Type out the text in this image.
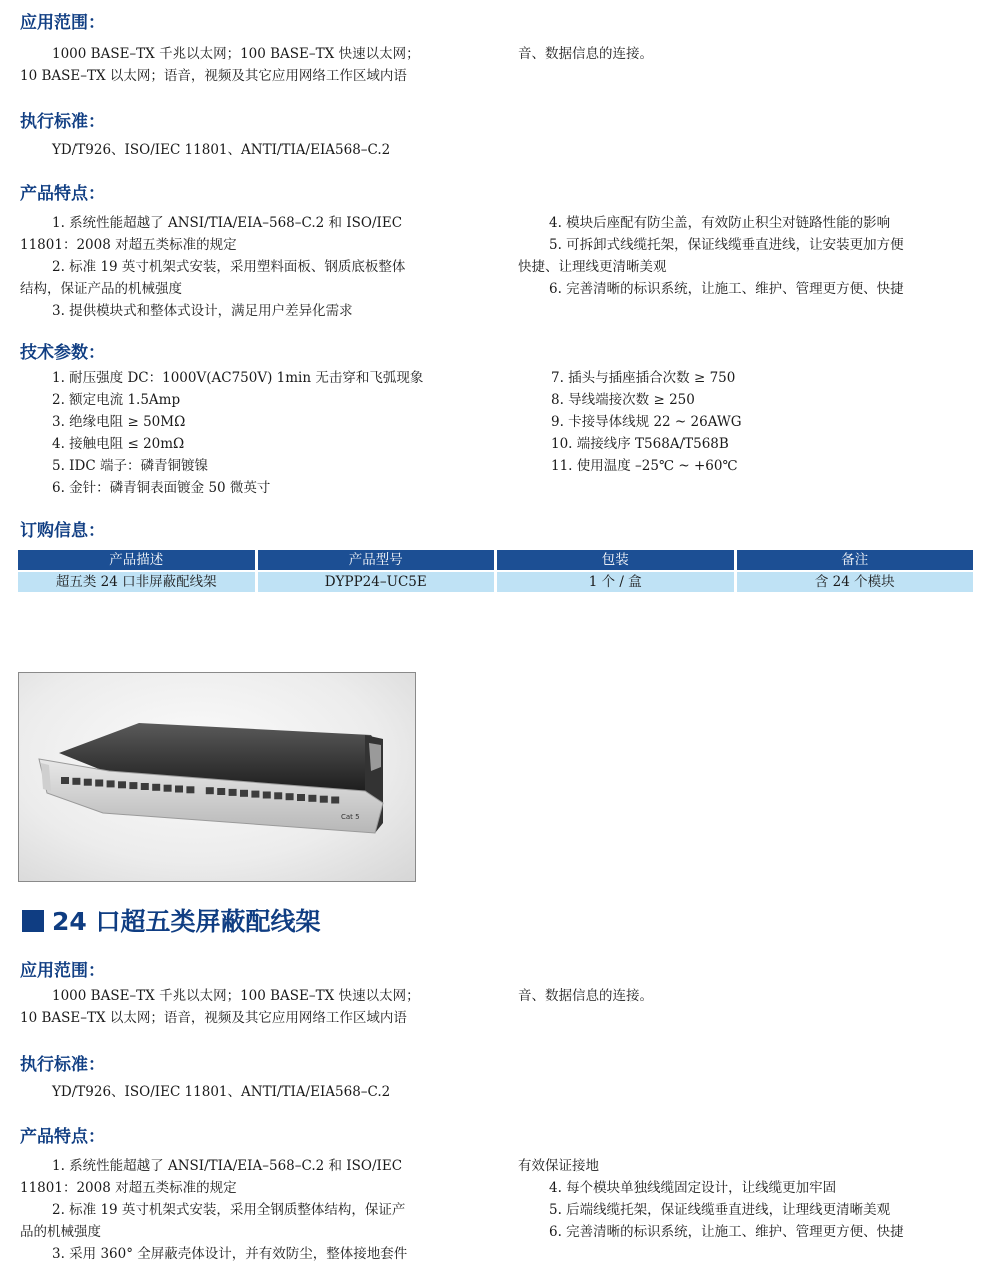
应用范围：
1000 BASE–TX 千兆以太网；100 BASE–TX 快速以太网；
10 BASE–TX 以太网；语音，视频及其它应用网络工作区域内语
音、数据信息的连接。
执行标准：
YD/T926、ISO/IEC 11801、ANTI/TIA/EIA568–C.2
产品特点：
1. 系统性能超越了 ANSI/TIA/EIA–568–C.2 和 ISO/IEC
11801：2008 对超五类标准的规定
2. 标准 19 英寸机架式安装，采用塑料面板、钢质底板整体
结构，保证产品的机械强度
3. 提供模块式和整体式设计，满足用户差异化需求
4. 模块后座配有防尘盖，有效防止积尘对链路性能的影响
5. 可拆卸式线缆托架，保证线缆垂直进线，让安装更加方便
快捷、让理线更清晰美观
6. 完善清晰的标识系统，让施工、维护、管理更方便、快捷
技术参数：
1. 耐压强度 DC：1000V(AC750V) 1min 无击穿和飞弧现象
2. 额定电流 1.5Amp
3. 绝缘电阻 ≥ 50MΩ
4. 接触电阻 ≤ 20mΩ
5. IDC 端子：磷青铜镀镍
6. 金针：磷青铜表面镀金 50 微英寸
7. 插头与插座插合次数 ≥ 750
8. 导线端接次数 ≥ 250
9. 卡接导体线规 22 ~ 26AWG
10. 端接线序 T568A/T568B
11. 使用温度 –25℃ ~ +60℃
订购信息：
产品描述	产品型号	包装	备注
超五类 24 口非屏蔽配线架	DYPP24–UC5E	1 个 / 盒	含 24 个模块
Cat 5
24 口超五类屏蔽配线架
应用范围：
1000 BASE–TX 千兆以太网；100 BASE–TX 快速以太网；
10 BASE–TX 以太网；语音，视频及其它应用网络工作区域内语
音、数据信息的连接。
执行标准：
YD/T926、ISO/IEC 11801、ANTI/TIA/EIA568–C.2
产品特点：
1. 系统性能超越了 ANSI/TIA/EIA–568–C.2 和 ISO/IEC
11801：2008 对超五类标准的规定
2. 标准 19 英寸机架式安装，采用全钢质整体结构，保证产
品的机械强度
3. 采用 360° 全屏蔽壳体设计，并有效防尘，整体接地套件
有效保证接地
4. 每个模块单独线缆固定设计，让线缆更加牢固
5. 后端线缆托架，保证线缆垂直进线，让理线更清晰美观
6. 完善清晰的标识系统，让施工、维护、管理更方便、快捷
